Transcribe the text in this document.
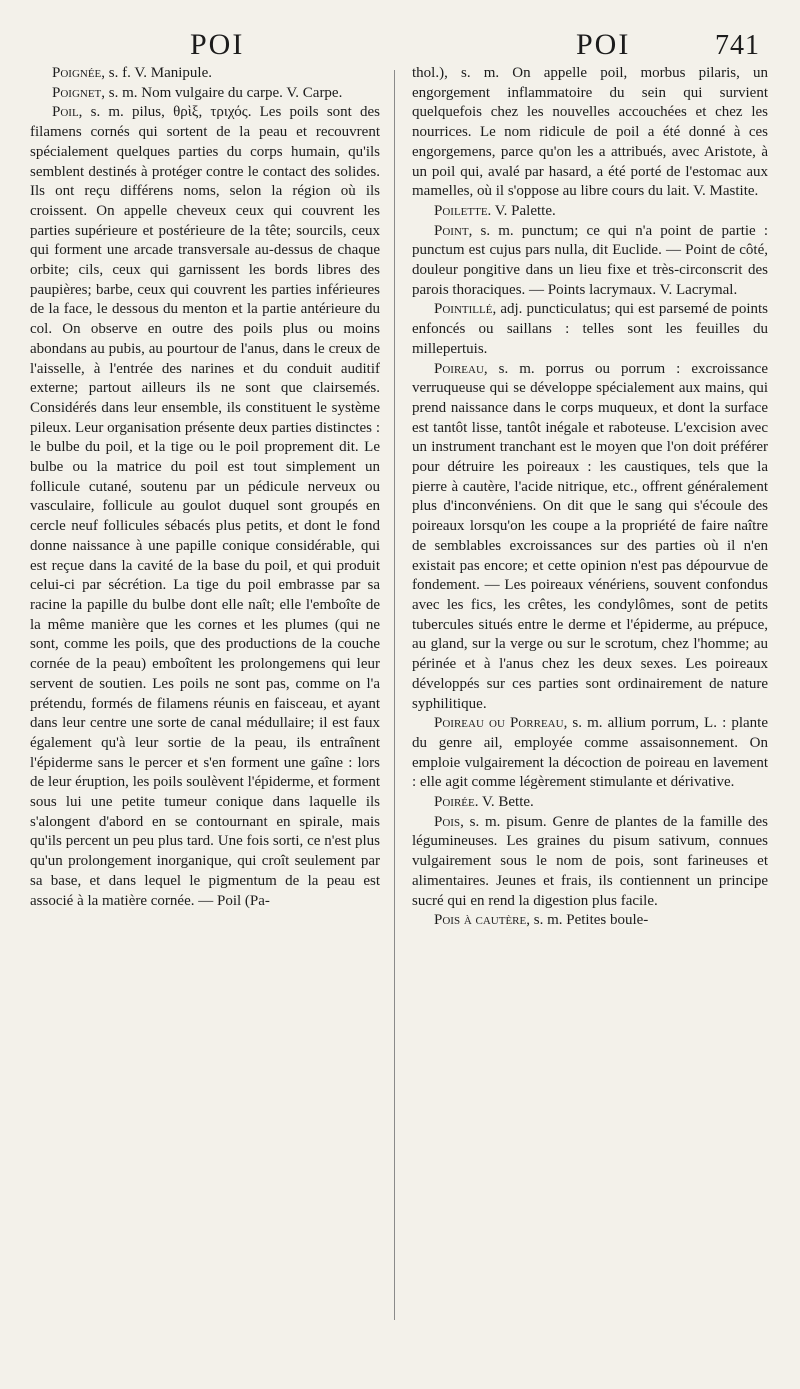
POI	POI	741

Poignée, s. f. V. Manipule.

Poignet, s. m. Nom vulgaire du carpe. V. Carpe.

Poil, s. m. pilus, θρὶξ, τριχός. Les poils sont des filamens cornés qui sortent de la peau et recouvrent spécialement quelques parties du corps humain, qu'ils semblent destinés à protéger contre le contact des solides. Ils ont reçu différens noms, selon la région où ils croissent. On appelle cheveux ceux qui couvrent les parties supérieure et postérieure de la tête; sourcils, ceux qui forment une arcade transversale au-dessus de chaque orbite; cils, ceux qui garnissent les bords libres des paupières; barbe, ceux qui couvrent les parties inférieures de la face, le dessous du menton et la partie antérieure du col. On observe en outre des poils plus ou moins abondans au pubis, au pourtour de l'anus, dans le creux de l'aisselle, à l'entrée des narines et du conduit auditif externe; partout ailleurs ils ne sont que clairsemés. Considérés dans leur ensemble, ils constituent le système pileux. Leur organisation présente deux parties distinctes : le bulbe du poil, et la tige ou le poil proprement dit. Le bulbe ou la matrice du poil est tout simplement un follicule cutané, soutenu par un pédicule nerveux ou vasculaire, follicule au goulot duquel sont groupés en cercle neuf follicules sébacés plus petits, et dont le fond donne naissance à une papille conique considérable, qui est reçue dans la cavité de la base du poil, et qui produit celui-ci par sécrétion. La tige du poil embrasse par sa racine la papille du bulbe dont elle naît; elle l'emboîte de la même manière que les cornes et les plumes (qui ne sont, comme les poils, que des productions de la couche cornée de la peau) emboîtent les prolongemens qui leur servent de soutien. Les poils ne sont pas, comme on l'a prétendu, formés de filamens réunis en faisceau, et ayant dans leur centre une sorte de canal médullaire; il est faux également qu'à leur sortie de la peau, ils entraînent l'épiderme sans le percer et s'en forment une gaîne : lors de leur éruption, les poils soulèvent l'épiderme, et forment sous lui une petite tumeur conique dans laquelle ils s'alongent d'abord en se contournant en spirale, mais qu'ils percent un peu plus tard. Une fois sorti, ce n'est plus qu'un prolongement inorganique, qui croît seulement par sa base, et dans lequel le pigmentum de la peau est associé à la matière cornée. — Poil (Pa-

thol.), s. m. On appelle poil, morbus pilaris, un engorgement inflammatoire du sein qui survient quelquefois chez les nouvelles accouchées et chez les nourrices. Le nom ridicule de poil a été donné à ces engorgemens, parce qu'on les a attribués, avec Aristote, à un poil qui, avalé par hasard, a été porté de l'estomac aux mamelles, où il s'oppose au libre cours du lait. V. Mastite.

Poilette. V. Palette.

Point, s. m. punctum; ce qui n'a point de partie : punctum est cujus pars nulla, dit Euclide. — Point de côté, douleur pongitive dans un lieu fixe et très-circonscrit des parois thoraciques. — Points lacrymaux. V. Lacrymal.

Pointillé, adj. puncticulatus; qui est parsemé de points enfoncés ou saillans : telles sont les feuilles du millepertuis.

Poireau, s. m. porrus ou porrum : excroissance verruqueuse qui se développe spécialement aux mains, qui prend naissance dans le corps muqueux, et dont la surface est tantôt lisse, tantôt inégale et raboteuse. L'excision avec un instrument tranchant est le moyen que l'on doit préférer pour détruire les poireaux : les caustiques, tels que la pierre à cautère, l'acide nitrique, etc., offrent généralement plus d'inconvéniens. On dit que le sang qui s'écoule des poireaux lorsqu'on les coupe a la propriété de faire naître de semblables excroissances sur des parties où il n'en existait pas encore; et cette opinion n'est pas dépourvue de fondement. — Les poireaux vénériens, souvent confondus avec les fics, les crêtes, les condylômes, sont de petits tubercules situés entre le derme et l'épiderme, au prépuce, au gland, sur la verge ou sur le scrotum, chez l'homme; au périnée et à l'anus chez les deux sexes. Les poireaux développés sur ces parties sont ordinairement de nature syphilitique.

Poireau ou Porreau, s. m. allium porrum, L. : plante du genre ail, employée comme assaisonnement. On emploie vulgairement la décoction de poireau en lavement : elle agit comme légèrement stimulante et dérivative.

Poirée. V. Bette.

Pois, s. m. pisum. Genre de plantes de la famille des légumineuses. Les graines du pisum sativum, connues vulgairement sous le nom de pois, sont farineuses et alimentaires. Jeunes et frais, ils contiennent un principe sucré qui en rend la digestion plus facile.

Pois à cautère, s. m. Petites boule-
